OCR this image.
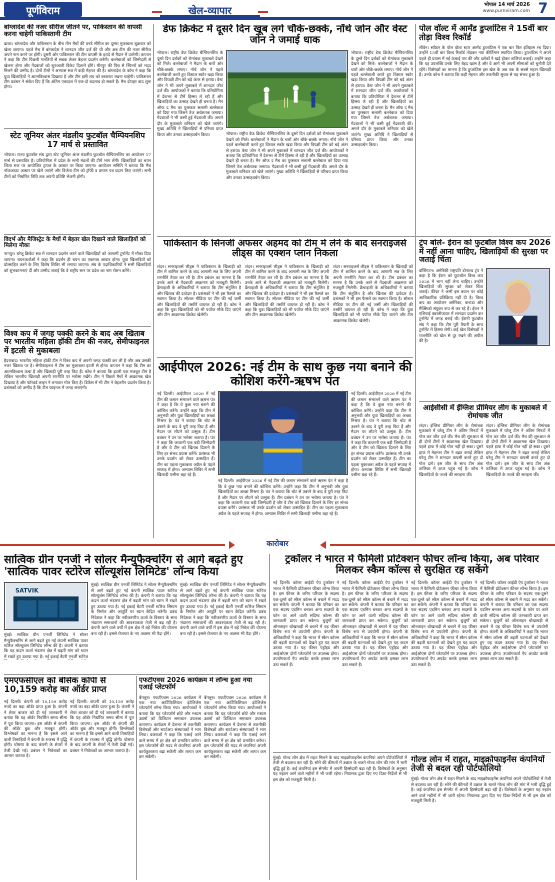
पूर्णविराम	खेल-व्यापार
भोपाल 14 मार्च 2026
www.purnviram.com 7
बांग्लादेश की नजर सीरीज जीतने पर, पाकिस्तान की वापसी करना चाहेगी पाकिस्तानी टीम
ढाका। बांग्लादेश और पाकिस्तान के बीच तीन मैचों की वनडे सीरीज का दूसरा मुकाबला शुक्रवार को खेला जाएगा। पहले मैच में बांग्लादेश ने शानदार जीत दर्ज की थी और अब टीम की नजर सीरीज अपने नाम करने पर होगी। दूसरी ओर पाकिस्तान की टीम वापसी के इरादे से मैदान में उतरेगी। कप्तान ने कहा कि टीम पिछली गलतियों से सबक लेकर बेहतर प्रदर्शन करेगी। बल्लेबाजों को जिम्मेदारी से खेलना होगा और गेंदबाजों को शुरुआती विकेट दिलाने होंगे। मीरपुर की पिच से स्पिनरों को मदद मिलने की उम्मीद है। दोनों टीमों ने अभ्यास सत्र में कड़ी मेहनत की है। बांग्लादेश के कोच ने कहा कि युवा खिलाड़ियों ने आत्मविश्वास दिखाया है और टीम इसी लय को बरकरार रखना चाहेगी। पाकिस्तान टीम प्रबंधन ने संकेत दिए हैं कि अंतिम एकादश में एक-दो बदलाव हो सकते हैं। मैच दोपहर बाद शुरू होगा।
स्टेट जूनियर अंतर मंडलीय फुटबॉल चैम्पियनशिप 17 मार्च से प्रस्तावित
भोपाल। राज्य फुटबॉल संघ द्वारा स्टेट जूनियर अंतर मंडलीय फुटबॉल चैम्पियनशिप का आयोजन 17 मार्च से प्रस्तावित है। प्रतियोगिता में प्रदेश के सभी मंडलों की टीमें भाग लेंगी। खिलाड़ियों का चयन जिला स्तर पर आयोजित ट्रायल के आधार पर किया जाएगा। आयोजन समिति ने बताया कि मैच नॉकआउट आधार पर खेले जाएंगे और विजेता टीम को ट्रॉफी व प्रमाण पत्र प्रदान किए जाएंगे। सभी टीमों को निर्धारित तिथि तक अपनी प्रविष्टि भेजनी होगी।
विदर्भ और मैजिस्ट्रेट के मैचों में बेहतर खेल दिखाने वाले खिलाड़ियों को मिलेगा मौका
नागपुर। घरेलू क्रिकेट सत्र में शानदार प्रदर्शन करने वाले खिलाड़ियों को आगामी टूर्नामेंट में मौका दिया जाएगा। चयनकर्ताओं ने कहा कि प्रदर्शन ही चयन का एकमात्र आधार होगा। युवा खिलाड़ियों को प्रोत्साहित करने के लिए विशेष शिविर भी लगाया जाएगा। संघ के पदाधिकारियों ने सभी खिलाड़ियों को शुभकामनाएं दीं और उम्मीद जताई कि वे राष्ट्रीय स्तर पर प्रदेश का नाम रोशन करेंगे।
विश्व कप में जगह पक्की करने के बाद अब खिताब पर भारतीय महिला हॉकी टीम की नजर, सेमीफाइनल में इटली से मुकाबला
हैदराबाद। भारतीय महिला हॉकी टीम ने विश्व कप में अपनी जगह पक्की कर ली है और अब उसकी नजर खिताब पर है। सेमीफाइनल में टीम का मुकाबला इटली से होगा। कप्तान ने कहा कि टीम का आत्मविश्वास ऊंचा है और खिलाड़ी पूरी तरह फिट हैं। कोच ने बताया कि इटली एक मजबूत टीम है लेकिन भारतीय खिलाड़ी अपनी रणनीति पर भरोसा रखेंगे। टीम ने पिछले मैचों में आक्रामक खेल दिखाया है और फॉरवर्ड लाइन ने लगातार गोल किए हैं। डिफेंस में भी टीम ने बेहतरीन प्रदर्शन किया है। प्रशंसकों को उम्मीद है कि टीम फाइनल में जगह बनाएगी।
डेफ क्रिकेट में दूसरे दिन खूब लगे चौके-छक्के, नॉर्थ जोन और वेस्ट जोन ने जमाई धाक
भोपाल। राष्ट्रीय डेफ क्रिकेट चैम्पियनशिप के दूसरे दिन दर्शकों को रोमांचक मुकाबले देखने को मिले। बल्लेबाजों ने मैदान के चारों ओर चौके-छक्के लगाए। नॉर्थ जोन ने पहले बल्लेबाजी करते हुए विशाल स्कोर खड़ा किया और विपक्षी टीम को बड़े अंतर से हराया। वेस्ट जोन ने भी अपने मुकाबले में शानदार जीत दर्ज की। आयोजकों ने बताया कि प्रतियोगिता में देशभर से टीमें हिस्सा ले रही हैं और खिलाड़ियों का उत्साह देखते ही बनता है। मैन ऑफ द मैच का पुरस्कार सलामी बल्लेबाज को दिया गया जिसने तेज अर्धशतक जमाया। गेंदबाजों ने भी कसी हुई गेंदबाजी की। अगले दौर के मुकाबले शनिवार को खेले जाएंगे। मुख्य अतिथि ने खिलाड़ियों से परिचय प्राप्त किया और उनका उत्साहवर्धन किया।	भोपाल। राष्ट्रीय डेफ क्रिकेट चैम्पियनशिप के दूसरे दिन दर्शकों को रोमांचक मुकाबले देखने को मिले। बल्लेबाजों ने मैदान के चारों ओर चौके-छक्के लगाए। नॉर्थ जोन ने पहले बल्लेबाजी करते हुए विशाल स्कोर खड़ा किया और विपक्षी टीम को बड़े अंतर से हराया। वेस्ट जोन ने भी अपने मुकाबले में शानदार जीत दर्ज की। आयोजकों ने बताया कि प्रतियोगिता में देशभर से टीमें हिस्सा ले रही हैं और खिलाड़ियों का उत्साह देखते ही बनता है। मैन ऑफ द मैच का पुरस्कार सलामी बल्लेबाज को दिया गया जिसने तेज अर्धशतक जमाया। गेंदबाजों ने भी कसी हुई गेंदबाजी की। अगले दौर के मुकाबले शनिवार को खेले जाएंगे। मुख्य अतिथि ने खिलाड़ियों से परिचय प्राप्त किया और उनका उत्साहवर्धन किया।
भोपाल। राष्ट्रीय डेफ क्रिकेट चैम्पियनशिप के दूसरे दिन दर्शकों को रोमांचक मुकाबले देखने को मिले। बल्लेबाजों ने मैदान के चारों ओर चौके-छक्के लगाए। नॉर्थ जोन ने पहले बल्लेबाजी करते हुए विशाल स्कोर खड़ा किया और विपक्षी टीम को बड़े अंतर से हराया। वेस्ट जोन ने भी अपने मुकाबले में शानदार जीत दर्ज की। आयोजकों ने बताया कि प्रतियोगिता में देशभर से टीमें हिस्सा ले रही हैं और खिलाड़ियों का उत्साह देखते ही बनता है। मैन ऑफ द मैच का पुरस्कार सलामी बल्लेबाज को दिया गया जिसने तेज अर्धशतक जमाया। गेंदबाजों ने भी कसी हुई गेंदबाजी की। अगले दौर के मुकाबले शनिवार को खेले जाएंगे। मुख्य अतिथि ने खिलाड़ियों से परिचय प्राप्त किया और उनका उत्साहवर्धन किया।
पोल वॉल्ट में आर्मंड डुप्लांटिस ने 15वीं बार तोड़ा विश्व रिकॉर्ड
लीवेन। स्वीडन के पोल वॉल्ट स्टार आर्मंड डुप्लांटिस ने एक बार फिर इतिहास रच दिया। उन्होंने 15वीं बार विश्व रिकॉर्ड तोड़कर नया कीर्तिमान स्थापित किया। डुप्लांटिस ने अपने पहले ही प्रयास में नई ऊंचाई पार की और दर्शकों ने खड़े होकर तालियां बजाईं। उन्होंने कहा कि यह उपलब्धि उनके लिए बेहद खास है और वे आगे भी अपनी सीमाओं को चुनौती देते रहेंगे। विशेषज्ञों का मानना है कि डुप्लांटिस इस खेल के अब तक के सबसे महान खिलाड़ी हैं। उनके कोच ने बताया कि कड़ी मेहनत और तकनीकी सुधार से यह संभव हुआ है।
पाकिस्तान के सिनर्जी अफसर अहमद को टीम में लेने के बाद सनराइजर्स लीड्स का एक्शन प्लान निकला
लंदन। सनराइजर्स लीड्स ने पाकिस्तान के खिलाड़ी को टीम में शामिल करने के बाद आगामी सत्र के लिए अपनी रणनीति तैयार कर ली है। टीम प्रबंधन का मानना है कि उनके आने से गेंदबाजी आक्रमण को मजबूती मिलेगी। फ्रेंचाइजी के अधिकारियों ने बताया कि टीम संतुलित है और खिताब की दावेदार है। प्रशंसकों ने भी इस फैसले का स्वागत किया है। सोशल मीडिया पर टीम की नई जर्सी और खिलाड़ियों की तस्वीरें वायरल हो रही हैं। कोच ने कहा कि युवा खिलाड़ियों को भी पर्याप्त मौके दिए जाएंगे और टीम आक्रामक क्रिकेट खेलेगी।
लंदन। सनराइजर्स लीड्स ने पाकिस्तान के खिलाड़ी को टीम में शामिल करने के बाद आगामी सत्र के लिए अपनी रणनीति तैयार कर ली है। टीम प्रबंधन का मानना है कि उनके आने से गेंदबाजी आक्रमण को मजबूती मिलेगी। फ्रेंचाइजी के अधिकारियों ने बताया कि टीम संतुलित है और खिताब की दावेदार है। प्रशंसकों ने भी इस फैसले का स्वागत किया है। सोशल मीडिया पर टीम की नई जर्सी और खिलाड़ियों की तस्वीरें वायरल हो रही हैं। कोच ने कहा कि युवा खिलाड़ियों को भी पर्याप्त मौके दिए जाएंगे और टीम आक्रामक क्रिकेट खेलेगी।
लंदन। सनराइजर्स लीड्स ने पाकिस्तान के खिलाड़ी को टीम में शामिल करने के बाद आगामी सत्र के लिए अपनी रणनीति तैयार कर ली है। टीम प्रबंधन का मानना है कि उनके आने से गेंदबाजी आक्रमण को मजबूती मिलेगी। फ्रेंचाइजी के अधिकारियों ने बताया कि टीम संतुलित है और खिताब की दावेदार है। प्रशंसकों ने भी इस फैसले का स्वागत किया है। सोशल मीडिया पर टीम की नई जर्सी और खिलाड़ियों की तस्वीरें वायरल हो रही हैं। कोच ने कहा कि युवा खिलाड़ियों को भी पर्याप्त मौके दिए जाएंगे और टीम आक्रामक क्रिकेट खेलेगी।
ट्रंप बोले- ईरान को फुटबॉल विश्व कप 2026 में नहीं आना चाहिए, खिलाड़ियों की सुरक्षा पर जताई चिंता
वॉशिंगटन। अमेरिकी राष्ट्रपति डोनाल्ड ट्रंप ने कहा है कि ईरान को फुटबॉल विश्व कप 2026 में भाग नहीं लेना चाहिए। उन्होंने खिलाड़ियों की सुरक्षा को लेकर चिंता जताई। फीफा ने अभी इस बयान पर कोई आधिकारिक प्रतिक्रिया नहीं दी है। विश्व कप का आयोजन अमेरिका, कनाडा और मैक्सिको संयुक्त रूप से कर रहे हैं। ईरान ने एशियाई क्वालीफायर में शानदार प्रदर्शन कर टूर्नामेंट में जगह बनाई थी। ईरानी फुटबॉल संघ ने कहा कि टीम पूरी तैयारी के साथ टूर्नामेंट में हिस्सा लेगी। कई खेल विशेषज्ञों ने राजनीति को खेल से दूर रखने की अपील की है।
आईपीएल 2026: नई टीम के साथ कुछ नया बनाने की कोशिश करेंगे-ऋषभ पंत
नई दिल्ली। आईपीएल 2026 में नई टीम की कमान संभालने वाले ऋषभ पंत ने कहा है कि वे कुछ नया बनाने की कोशिश करेंगे। उन्होंने कहा कि टीम में अनुभवी और युवा खिलाड़ियों का अच्छा मिश्रण है। पंत ने बताया कि चोट से उबरने के बाद वे पूरी तरह फिट हैं और मैदान पर लौटने को उत्सुक हैं। टीम प्रबंधन ने उन पर भरोसा जताया है। पंत ने कहा कि कप्तानी एक बड़ी जिम्मेदारी है और वे टीम को खिताब दिलाने के लिए हर संभव प्रयास करेंगे। प्रशंसक भी उनके प्रदर्शन को लेकर उत्साहित हैं। टीम का पहला मुकाबला अप्रैल के पहले सप्ताह में होगा। अभ्यास शिविर में सभी खिलाड़ी पसीना बहा रहे हैं।
नई दिल्ली। आईपीएल 2026 में नई टीम की कमान संभालने वाले ऋषभ पंत ने कहा है कि वे कुछ नया बनाने की कोशिश करेंगे। उन्होंने कहा कि टीम में अनुभवी और युवा खिलाड़ियों का अच्छा मिश्रण है। पंत ने बताया कि चोट से उबरने के बाद वे पूरी तरह फिट हैं और मैदान पर लौटने को उत्सुक हैं। टीम प्रबंधन ने उन पर भरोसा जताया है। पंत ने कहा कि कप्तानी एक बड़ी जिम्मेदारी है और वे टीम को खिताब दिलाने के लिए हर संभव प्रयास करेंगे। प्रशंसक भी उनके प्रदर्शन को लेकर उत्साहित हैं। टीम का पहला मुकाबला अप्रैल के पहले सप्ताह में होगा। अभ्यास शिविर में सभी खिलाड़ी पसीना बहा रहे हैं।
नई दिल्ली। आईपीएल 2026 में नई टीम की कमान संभालने वाले ऋषभ पंत ने कहा है कि वे कुछ नया बनाने की कोशिश करेंगे। उन्होंने कहा कि टीम में अनुभवी और युवा खिलाड़ियों का अच्छा मिश्रण है। पंत ने बताया कि चोट से उबरने के बाद वे पूरी तरह फिट हैं और मैदान पर लौटने को उत्सुक हैं। टीम प्रबंधन ने उन पर भरोसा जताया है। पंत ने कहा कि कप्तानी एक बड़ी जिम्मेदारी है और वे टीम को खिताब दिलाने के लिए हर संभव प्रयास करेंगे। प्रशंसक भी उनके प्रदर्शन को लेकर उत्साहित हैं। टीम का पहला मुकाबला अप्रैल के पहले सप्ताह में होगा। अभ्यास शिविर में सभी खिलाड़ी पसीना बहा रहे हैं।
आईसीसी में ईंग्लिश प्रीमियर लीग के मुकाबले में रोमांचक जीत
लंदन। इंग्लिश प्रीमियर लीग के रोमांचक मुकाबले में घरेलू टीम ने अंतिम मिनटों में गोल कर जीत दर्ज की। मैच की शुरुआत से ही दोनों टीमों ने आक्रामक खेल दिखाया। पहले हाफ में कोई गोल नहीं हो सका। दूसरे हाफ में मेहमान टीम ने बढ़त बनाई लेकिन घरेलू टीम ने शानदार वापसी करते हुए दो गोल दागे। इस जीत के साथ टीम अंक तालिका में ऊपर पहुंच गई है। कोच ने खिलाड़ियों के जज्बे की सराहना की।
लंदन। इंग्लिश प्रीमियर लीग के रोमांचक मुकाबले में घरेलू टीम ने अंतिम मिनटों में गोल कर जीत दर्ज की। मैच की शुरुआत से ही दोनों टीमों ने आक्रामक खेल दिखाया। पहले हाफ में कोई गोल नहीं हो सका। दूसरे हाफ में मेहमान टीम ने बढ़त बनाई लेकिन घरेलू टीम ने शानदार वापसी करते हुए दो गोल दागे। इस जीत के साथ टीम अंक तालिका में ऊपर पहुंच गई है। कोच ने खिलाड़ियों के जज्बे की सराहना की।
कारोबार
सात्विक ग्रीन एनर्जी ने सोलर मैन्युफैक्चरिंग से आगे बढ़ते हुए 'सात्विक पावर स्टोरेज सॉल्यूशंस लिमिटेड' लॉन्च किया
SATVIK
मुंबई। सात्विक ग्रीन एनर्जी लिमिटेड ने सोलर मैन्युफैक्चरिंग से आगे बढ़ते हुए नई कंपनी सात्विक पावर स्टोरेज सॉल्यूशंस लिमिटेड लॉन्च की है। कंपनी ने बताया कि यह कदम ऊर्जा भंडारण क्षेत्र में बढ़ती मांग को ध्यान में रखते हुए उठाया गया है। नई इकाई बैटरी एनर्जी स्टोरेज
मुंबई। सात्विक ग्रीन एनर्जी लिमिटेड ने सोलर मैन्युफैक्चरिंग से आगे बढ़ते हुए नई कंपनी सात्विक पावर स्टोरेज सॉल्यूशंस लिमिटेड लॉन्च की है। कंपनी ने बताया कि यह कदम ऊर्जा भंडारण क्षेत्र में बढ़ती मांग को ध्यान में रखते हुए उठाया गया है। नई इकाई बैटरी एनर्जी स्टोरेज सिस्टम के निर्माण और आपूर्ति पर ध्यान केंद्रित करेगी। प्रबंध निदेशक ने कहा कि नवीकरणीय ऊर्जा के विस्तार के साथ भंडारण समाधानों की आवश्यकता तेजी से बढ़ रही है। कंपनी आने वाले वर्षों में इस क्षेत्र में बड़े निवेश की योजना बना रही है। इससे रोजगार के नए अवसर भी पैदा होंगे।
मुंबई। सात्विक ग्रीन एनर्जी लिमिटेड ने सोलर मैन्युफैक्चरिंग से आगे बढ़ते हुए नई कंपनी सात्विक पावर स्टोरेज सॉल्यूशंस लिमिटेड लॉन्च की है। कंपनी ने बताया कि यह कदम ऊर्जा भंडारण क्षेत्र में बढ़ती मांग को ध्यान में रखते हुए उठाया गया है। नई इकाई बैटरी एनर्जी स्टोरेज सिस्टम के निर्माण और आपूर्ति पर ध्यान केंद्रित करेगी। प्रबंध निदेशक ने कहा कि नवीकरणीय ऊर्जा के विस्तार के साथ भंडारण समाधानों की आवश्यकता तेजी से बढ़ रही है। कंपनी आने वाले वर्षों में इस क्षेत्र में बड़े निवेश की योजना बना रही है। इससे रोजगार के नए अवसर भी पैदा होंगे।
ट्रकॉलर ने भारत में फैमिली प्रोटेक्शन फीचर लॉन्च किया, अब परिवार मिलकर स्कैम कॉल्स से सुरक्षित रह सकेंगे
नई दिल्ली। कॉलर आईडी ऐप ट्रूकॉलर ने भारत में फैमिली प्रोटेक्शन फीचर लॉन्च किया है। इस फीचर के जरिए परिवार के सदस्य एक-दूसरे को स्कैम कॉल्स से बचाने में मदद कर सकेंगे। कंपनी ने बताया कि परिवार का एक सदस्य एडमिन बनकर अन्य सदस्यों के फोन पर आने वाली संदिग्ध कॉल्स की जानकारी प्राप्त कर सकेगा। बुजुर्गों को ऑनलाइन धोखाधड़ी से बचाने में यह फीचर विशेष रूप से उपयोगी होगा। कंपनी के अधिकारियों ने कहा कि भारत में स्कैम कॉल्स की बढ़ती घटनाओं को देखते हुए यह कदम उठाया गया है। यह फीचर एंड्रॉइड और आईओएस दोनों प्लेटफॉर्म पर उपलब्ध होगा। उपयोगकर्ता ऐप अपडेट करके इसका लाभ उठा सकते हैं।
नई दिल्ली। कॉलर आईडी ऐप ट्रूकॉलर ने भारत में फैमिली प्रोटेक्शन फीचर लॉन्च किया है। इस फीचर के जरिए परिवार के सदस्य एक-दूसरे को स्कैम कॉल्स से बचाने में मदद कर सकेंगे। कंपनी ने बताया कि परिवार का एक सदस्य एडमिन बनकर अन्य सदस्यों के फोन पर आने वाली संदिग्ध कॉल्स की जानकारी प्राप्त कर सकेगा। बुजुर्गों को ऑनलाइन धोखाधड़ी से बचाने में यह फीचर विशेष रूप से उपयोगी होगा। कंपनी के अधिकारियों ने कहा कि भारत में स्कैम कॉल्स की बढ़ती घटनाओं को देखते हुए यह कदम उठाया गया है। यह फीचर एंड्रॉइड और आईओएस दोनों प्लेटफॉर्म पर उपलब्ध होगा। उपयोगकर्ता ऐप अपडेट करके इसका लाभ उठा सकते हैं।
नई दिल्ली। कॉलर आईडी ऐप ट्रूकॉलर ने भारत में फैमिली प्रोटेक्शन फीचर लॉन्च किया है। इस फीचर के जरिए परिवार के सदस्य एक-दूसरे को स्कैम कॉल्स से बचाने में मदद कर सकेंगे। कंपनी ने बताया कि परिवार का एक सदस्य एडमिन बनकर अन्य सदस्यों के फोन पर आने वाली संदिग्ध कॉल्स की जानकारी प्राप्त कर सकेगा। बुजुर्गों को ऑनलाइन धोखाधड़ी से बचाने में यह फीचर विशेष रूप से उपयोगी होगा। कंपनी के अधिकारियों ने कहा कि भारत में स्कैम कॉल्स की बढ़ती घटनाओं को देखते हुए यह कदम उठाया गया है। यह फीचर एंड्रॉइड और आईओएस दोनों प्लेटफॉर्म पर उपलब्ध होगा। उपयोगकर्ता ऐप अपडेट करके इसका लाभ उठा सकते हैं।
नई दिल्ली। कॉलर आईडी ऐप ट्रूकॉलर ने भारत में फैमिली प्रोटेक्शन फीचर लॉन्च किया है। इस फीचर के जरिए परिवार के सदस्य एक-दूसरे को स्कैम कॉल्स से बचाने में मदद कर सकेंगे। कंपनी ने बताया कि परिवार का एक सदस्य एडमिन बनकर अन्य सदस्यों के फोन पर आने वाली संदिग्ध कॉल्स की जानकारी प्राप्त कर सकेगा। बुजुर्गों को ऑनलाइन धोखाधड़ी से बचाने में यह फीचर विशेष रूप से उपयोगी होगा। कंपनी के अधिकारियों ने कहा कि भारत में स्कैम कॉल्स की बढ़ती घटनाओं को देखते हुए यह कदम उठाया गया है। यह फीचर एंड्रॉइड और आईओएस दोनों प्लेटफॉर्म पर उपलब्ध होगा। उपयोगकर्ता ऐप अपडेट करके इसका लाभ उठा सकते हैं।
एमएफसीएल को बेसिक कॉपी से 10,159 करोड़ का ऑर्डर प्राप्त
नई दिल्ली। कंपनी को 10,159 करोड़ रुपये का बड़ा ऑर्डर प्राप्त हुआ है। कंपनी ने शेयर बाजार को दी गई जानकारी में बताया कि यह ऑर्डर निर्धारित समय सीमा में पूरा किया जाएगा। इस ऑर्डर से कंपनी की ऑर्डर बुक और मजबूत होगी। विश्लेषकों का मानना है कि इससे आने वाली तिमाहियों में कंपनी के राजस्व में वृद्धि होगी। घोषणा के बाद कंपनी के शेयरों में तेजी देखी गई। प्रबंधन ने निवेशकों का आभार जताया है।
नई दिल्ली। कंपनी को 10,159 करोड़ रुपये का बड़ा ऑर्डर प्राप्त हुआ है। कंपनी ने शेयर बाजार को दी गई जानकारी में बताया कि यह ऑर्डर निर्धारित समय सीमा में पूरा किया जाएगा। इस ऑर्डर से कंपनी की ऑर्डर बुक और मजबूत होगी। विश्लेषकों का मानना है कि इससे आने वाली तिमाहियों में कंपनी के राजस्व में वृद्धि होगी। घोषणा के बाद कंपनी के शेयरों में तेजी देखी गई। प्रबंधन ने निवेशकों का आभार जताया है।
एफटीएवस 2026 कार्यक्रम में लॉन्च हुआ नया एआई प्लेटफॉर्म
बेंगलुरु। एफटीएवस 2026 कार्यक्रम में एक नया आर्टिफिशियल इंटेलिजेंस प्लेटफॉर्म लॉन्च किया गया। आयोजकों ने बताया कि यह प्लेटफॉर्म छोटे और मध्यम उद्यमों को डिजिटल समाधान उपलब्ध कराएगा। कार्यक्रम में देशभर से तकनीकी विशेषज्ञों और स्टार्टअप संस्थापकों ने भाग लिया। वक्ताओं ने कहा कि एआई आने वाले समय में हर क्षेत्र को प्रभावित करेगा। इस प्लेटफॉर्म की मदद से कंपनियां अपनी कार्यकुशलता बढ़ा सकेंगी और लागत कम कर सकेंगी।
बेंगलुरु। एफटीएवस 2026 कार्यक्रम में एक नया आर्टिफिशियल इंटेलिजेंस प्लेटफॉर्म लॉन्च किया गया। आयोजकों ने बताया कि यह प्लेटफॉर्म छोटे और मध्यम उद्यमों को डिजिटल समाधान उपलब्ध कराएगा। कार्यक्रम में देशभर से तकनीकी विशेषज्ञों और स्टार्टअप संस्थापकों ने भाग लिया। वक्ताओं ने कहा कि एआई आने वाले समय में हर क्षेत्र को प्रभावित करेगा। इस प्लेटफॉर्म की मदद से कंपनियां अपनी कार्यकुशलता बढ़ा सकेंगी और लागत कम कर सकेंगी।	मुंबई। गोल्ड लोन क्षेत्र में राहत मिलने के बाद माइक्रोफाइनेंस कंपनियां अपने पोर्टफोलियो में तेजी से बदलाव कर रही हैं। सोने की कीमतों में उछाल के चलते गोल्ड लोन की मांग में भारी वृद्धि हुई है। कई कंपनियां इस सेगमेंट में अपनी हिस्सेदारी बढ़ा रही हैं। विशेषज्ञों के अनुसार यह रुझान आने वाले महीनों में भी जारी रहेगा। नियामक द्वारा दिए गए दिशा-निर्देशों से भी इस क्षेत्र को मजबूती मिली है।
गोल्ड लोन में राहत, माइक्रोफाइनेंस कंपनियों तेजी से बदल रही पोर्टफोलियो
मुंबई। गोल्ड लोन क्षेत्र में राहत मिलने के बाद माइक्रोफाइनेंस कंपनियां अपने पोर्टफोलियो में तेजी से बदलाव कर रही हैं। सोने की कीमतों में उछाल के चलते गोल्ड लोन की मांग में भारी वृद्धि हुई है। कई कंपनियां इस सेगमेंट में अपनी हिस्सेदारी बढ़ा रही हैं। विशेषज्ञों के अनुसार यह रुझान आने वाले महीनों में भी जारी रहेगा। नियामक द्वारा दिए गए दिशा-निर्देशों से भी इस क्षेत्र को मजबूती मिली है।
